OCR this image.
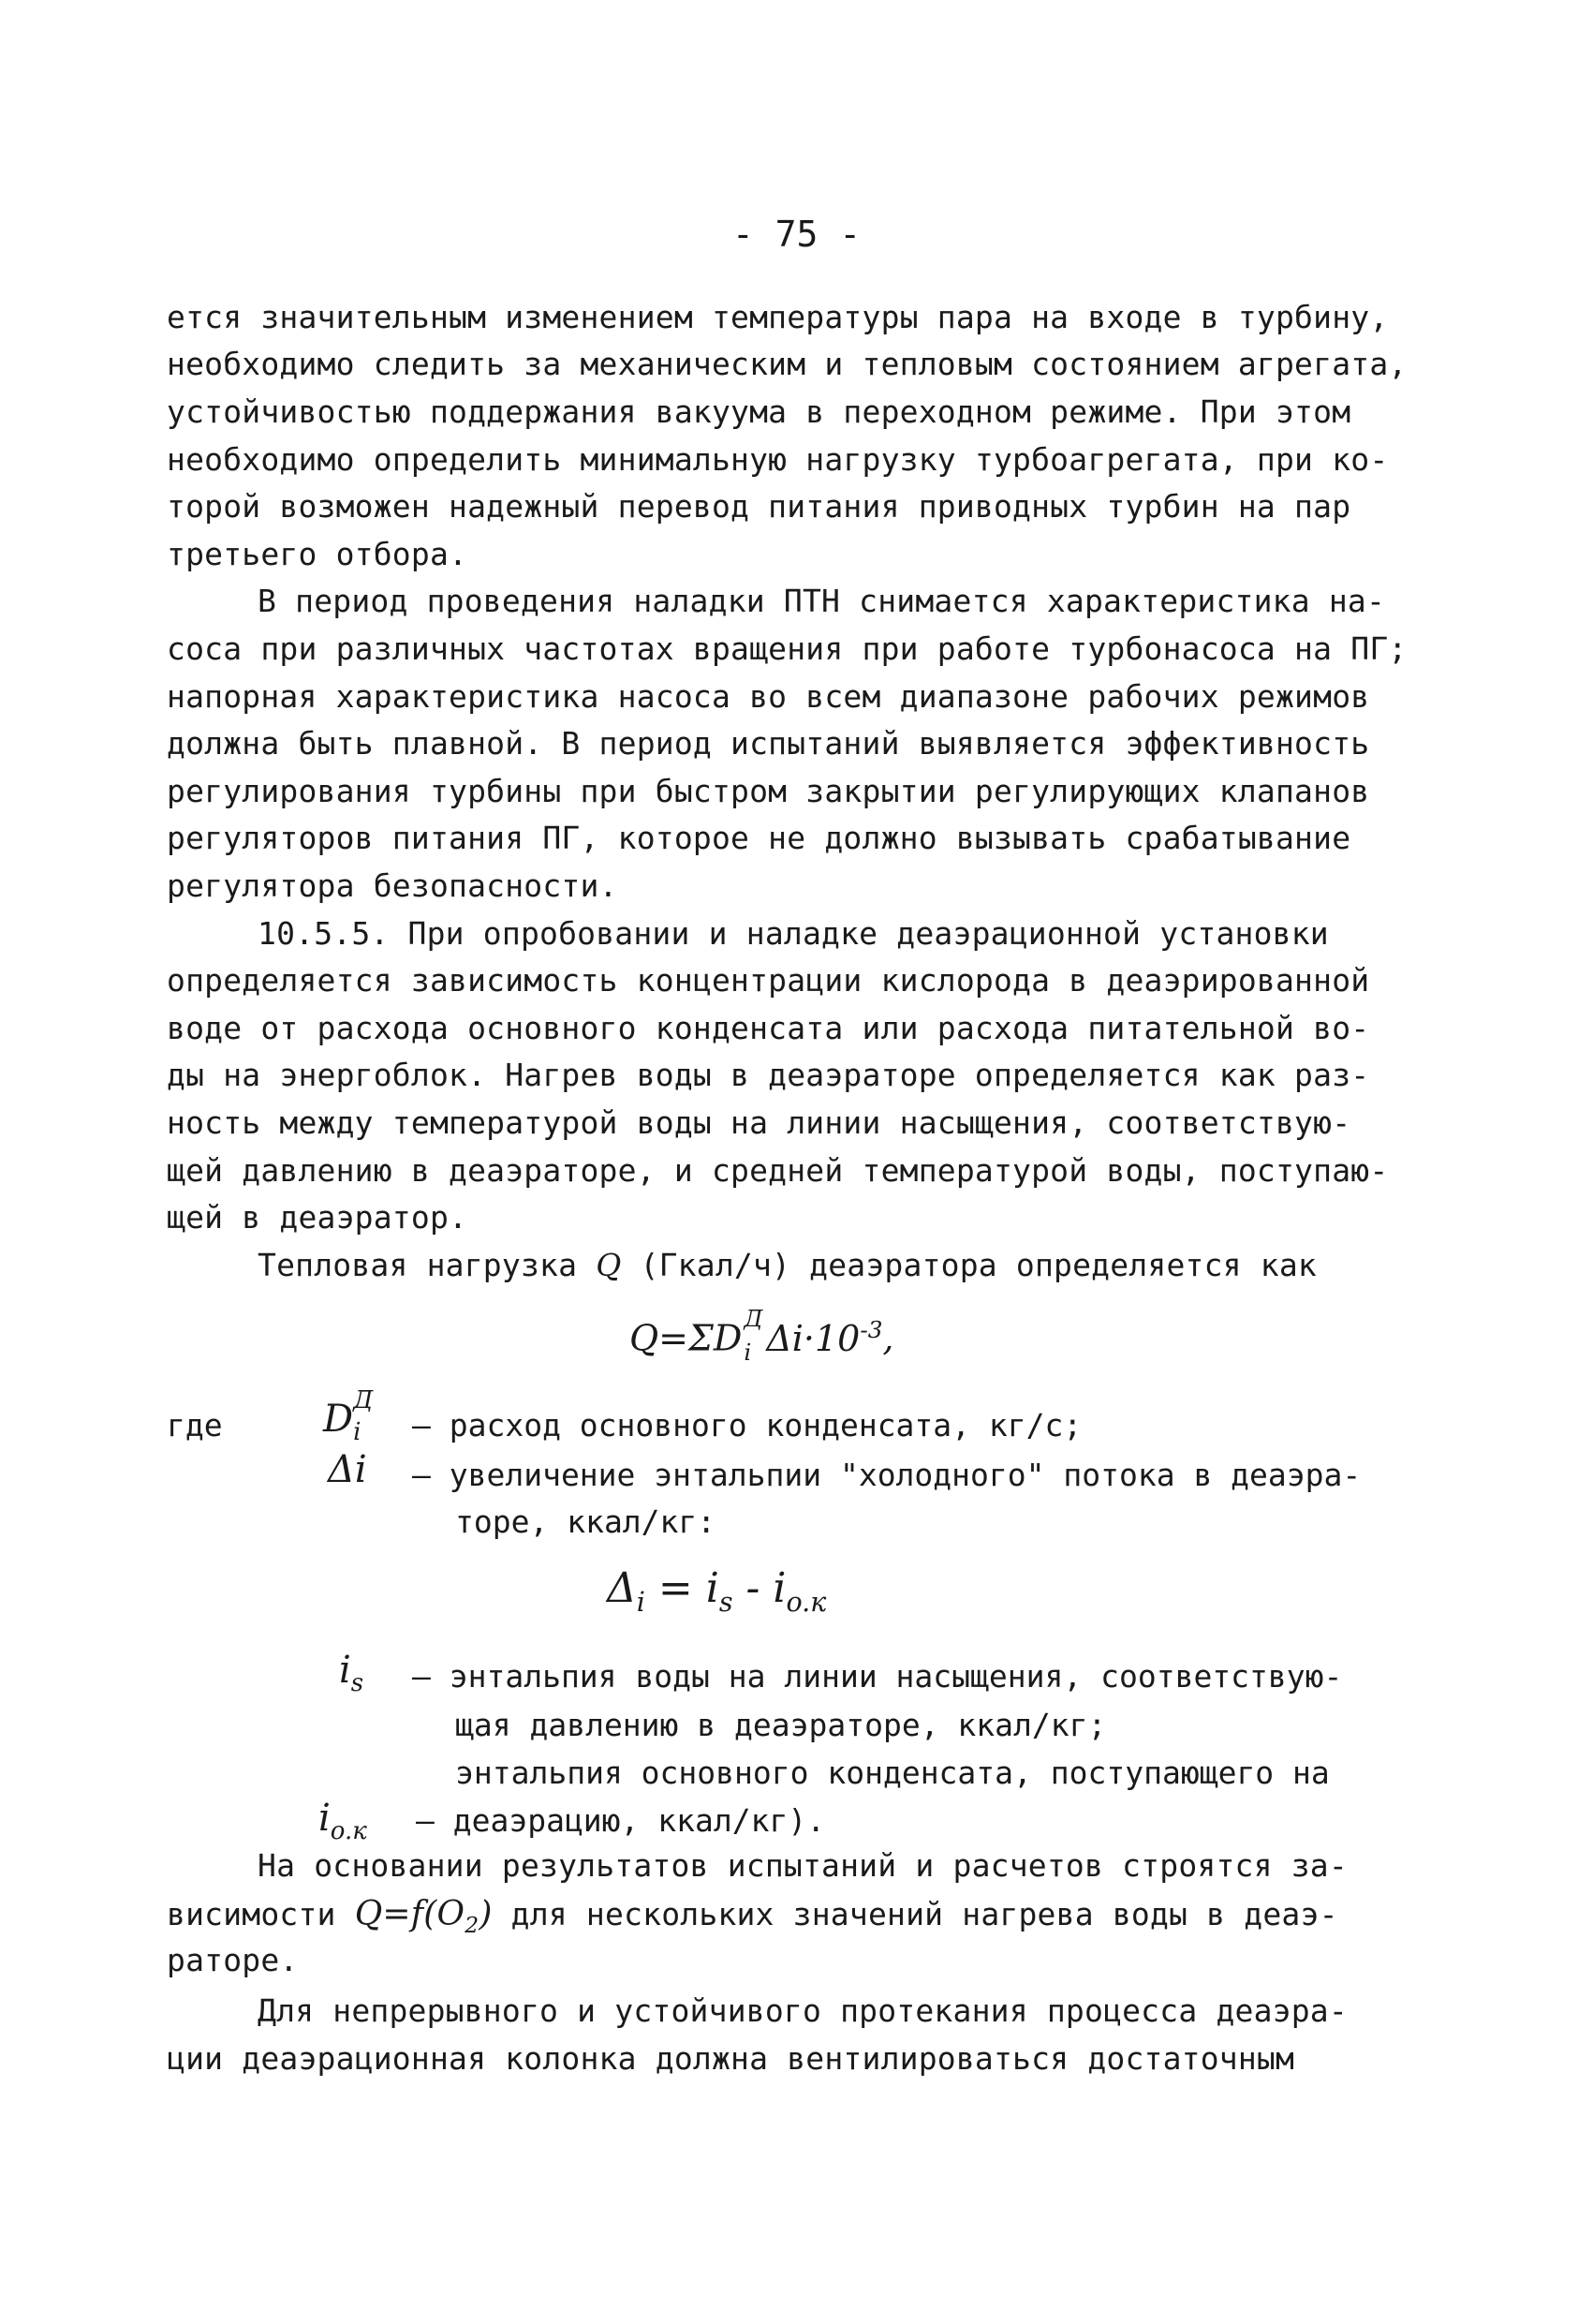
- 75 -
ется значительным изменением температуры пара на входе в турбину,
необходимо следить за механическим и тепловым состоянием агрегата,
устойчивостью поддержания вакуума в переходном режиме. При этом
необходимо определить минимальную нагрузку турбоагрегата, при ко-
торой возможен надежный перевод питания приводных турбин на пар
третьего отбора.
В период проведения наладки ПТН снимается характеристика на-
соса при различных частотах вращения при работе турбонасоса на ПГ;
напорная характеристика насоса во всем диапазоне рабочих режимов
должна быть плавной. В период испытаний выявляется эффективность
регулирования турбины при быстром закрытии регулирующих клапанов
регуляторов питания ПГ, которое не должно вызывать срабатывание
регулятора безопасности.
10.5.5. При опробовании и наладке деаэрационной установки
определяется зависимость концентрации кислорода в деаэрированной
воде от расхода основного конденсата или расхода питательной во-
ды на энергоблок. Нагрев воды в деаэраторе определяется как раз-
ность между температурой воды на линии насыщения, соответствую-
щей давлению в деаэраторе, и средней температурой воды, поступаю-
щей в деаэратор.
Тепловая нагрузка Q (Гкал/ч) деаэратора определяется как
Q=ΣD Д
i $\Delta i\cdot 10^{-3}$,
где	D Д
i – расход основного конденсата, кг/с;
Δi – увеличение энтальпии "холодного" потока в деаэра-
торе, ккал/кг:
$\Delta_i = i_s - i_{o.к}$
$i_s$ – энтальпия воды на линии насыщения, соответствую-
щая давлению в деаэраторе, ккал/кг;
энтальпия основного конденсата, поступающего на
$i_{o.к}$ – деаэрацию, ккал/кг).
На основании результатов испытаний и расчетов строятся за-
висимости $Q=f(O_2)$ для нескольких значений нагрева воды в деаэ-
раторе.
Для непрерывного и устойчивого протекания процесса деаэра-
ции деаэрационная колонка должна вентилироваться достаточным
